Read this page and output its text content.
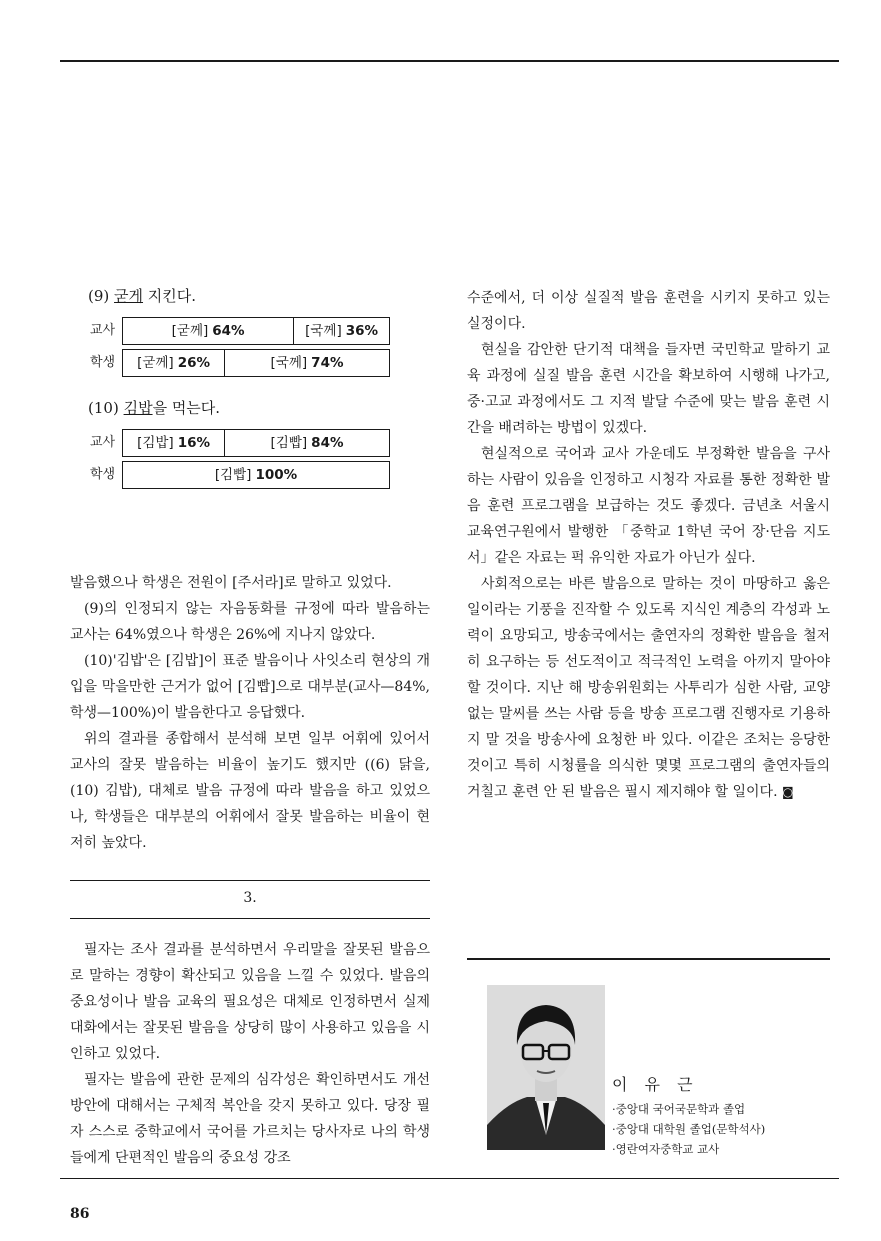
(9) 굳게 지킨다.
교사	[굳께] 64%	[국께] 36%
학생	[굳께] 26%	[국께] 74%
(10) 김밥을 먹는다.
교사	[김밥] 16%	[김빱] 84%
학생	[김빱] 100%

발음했으나 학생은 전원이 [주서라]로 말하고 있었다.

(9)의 인정되지 않는 자음동화를 규정에 따라 발음하는 교사는 64%였으나 학생은 26%에 지나지 않았다.

(10)'김밥'은 [김밥]이 표준 발음이나 사잇소리 현상의 개입을 막을만한 근거가 없어 [김빱]으로 대부분(교사—84%, 학생—100%)이 발음한다고 응답했다.

위의 결과를 종합해서 분석해 보면 일부 어휘에 있어서 교사의 잘못 발음하는 비율이 높기도 했지만 ((6) 닭을, (10) 김밥), 대체로 발음 규정에 따라 발음을 하고 있었으나, 학생들은 대부분의 어휘에서 잘못 발음하는 비율이 현저히 높았다.

3.

필자는 조사 결과를 분석하면서 우리말을 잘못된 발음으로 말하는 경향이 확산되고 있음을 느낄 수 있었다. 발음의 중요성이나 발음 교육의 필요성은 대체로 인정하면서 실제 대화에서는 잘못된 발음을 상당히 많이 사용하고 있음을 시인하고 있었다.

필자는 발음에 관한 문제의 심각성은 확인하면서도 개선 방안에 대해서는 구체적 복안을 갖지 못하고 있다. 당장 필자 스스로 중학교에서 국어를 가르치는 당사자로 나의 학생들에게 단편적인 발음의 중요성 강조

수준에서, 더 이상 실질적 발음 훈련을 시키지 못하고 있는 실정이다.

현실을 감안한 단기적 대책을 들자면 국민학교 말하기 교육 과정에 실질 발음 훈련 시간을 확보하여 시행해 나가고, 중·고교 과정에서도 그 지적 발달 수준에 맞는 발음 훈련 시간을 배려하는 방법이 있겠다.

현실적으로 국어과 교사 가운데도 부정확한 발음을 구사하는 사람이 있음을 인정하고 시청각 자료를 통한 정확한 발음 훈련 프로그램을 보급하는 것도 좋겠다. 금년초 서울시 교육연구원에서 발행한 「중학교 1학년 국어 장·단음 지도서」같은 자료는 퍽 유익한 자료가 아닌가 싶다.

사회적으로는 바른 발음으로 말하는 것이 마땅하고 옳은 일이라는 기풍을 진작할 수 있도록 지식인 계층의 각성과 노력이 요망되고, 방송국에서는 출연자의 정확한 발음을 철저히 요구하는 등 선도적이고 적극적인 노력을 아끼지 말아야 할 것이다. 지난 해 방송위원회는 사투리가 심한 사람, 교양없는 말씨를 쓰는 사람 등을 방송 프로그램 진행자로 기용하지 말 것을 방송사에 요청한 바 있다. 이같은 조처는 응당한 것이고 특히 시청률을 의식한 몇몇 프로그램의 출연자들의 거칠고 훈련 안 된 발음은 필시 제지해야 할 일이다. ◙

이 유 근
·중앙대 국어국문학과 졸업
·중앙대 대학원 졸업(문학석사)
·영란여자중학교 교사
86
